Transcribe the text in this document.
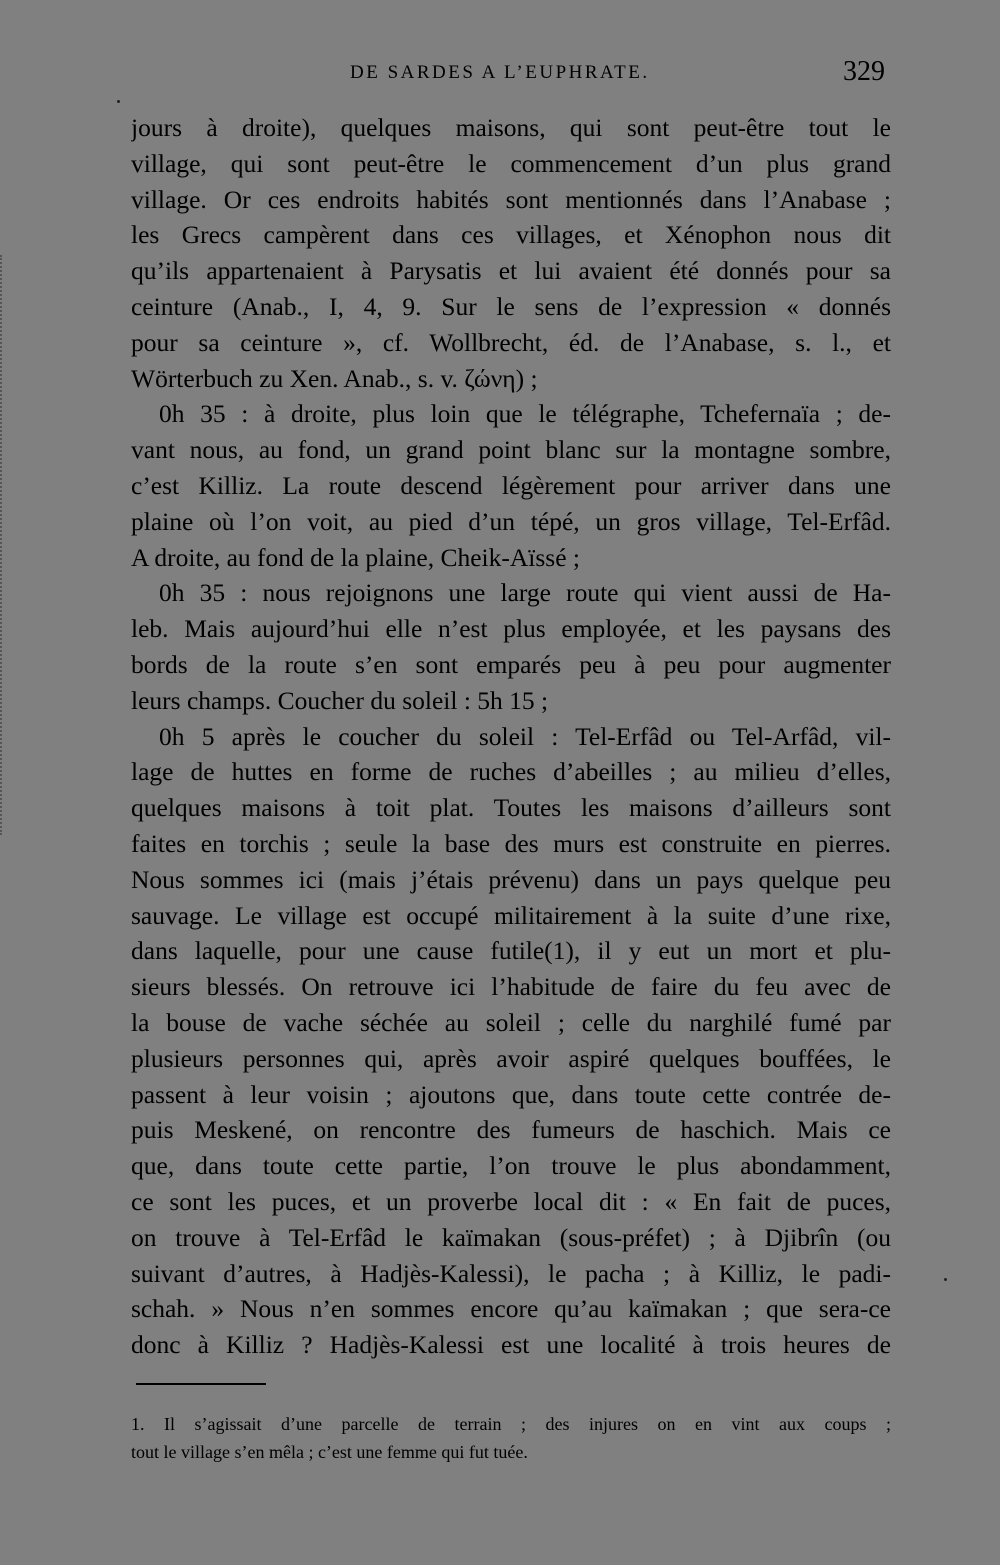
DE SARDES A L’EUPHRATE.	329
jours à droite), quelques maisons, qui sont peut-être tout le
village, qui sont peut-être le commencement d’un plus grand
village. Or ces endroits habités sont mentionnés dans l’Anabase ;
les Grecs campèrent dans ces villages, et Xénophon nous dit
qu’ils appartenaient à Parysatis et lui avaient été donnés pour sa
ceinture (Anab., I, 4, 9. Sur le sens de l’expression « donnés
pour sa ceinture », cf. Wollbrecht, éd. de l’Anabase, s. l., et
Wörterbuch zu Xen. Anab., s. v. ζώνη) ;
0h 35 : à droite, plus loin que le télégraphe, Tchefernaïa ; de-
vant nous, au fond, un grand point blanc sur la montagne sombre,
c’est Killiz. La route descend légèrement pour arriver dans une
plaine où l’on voit, au pied d’un tépé, un gros village, Tel-Erfâd.
A droite, au fond de la plaine, Cheik-Aïssé ;
0h 35 : nous rejoignons une large route qui vient aussi de Ha-
leb. Mais aujourd’hui elle n’est plus employée, et les paysans des
bords de la route s’en sont emparés peu à peu pour augmenter
leurs champs. Coucher du soleil : 5h 15 ;
0h 5 après le coucher du soleil : Tel-Erfâd ou Tel-Arfâd, vil-
lage de huttes en forme de ruches d’abeilles ; au milieu d’elles,
quelques maisons à toit plat. Toutes les maisons d’ailleurs sont
faites en torchis ; seule la base des murs est construite en pierres.
Nous sommes ici (mais j’étais prévenu) dans un pays quelque peu
sauvage. Le village est occupé militairement à la suite d’une rixe,
dans laquelle, pour une cause futile(1), il y eut un mort et plu-
sieurs blessés. On retrouve ici l’habitude de faire du feu avec de
la bouse de vache séchée au soleil ; celle du narghilé fumé par
plusieurs personnes qui, après avoir aspiré quelques bouffées, le
passent à leur voisin ; ajoutons que, dans toute cette contrée de-
puis Meskené, on rencontre des fumeurs de haschich. Mais ce
que, dans toute cette partie, l’on trouve le plus abondamment,
ce sont les puces, et un proverbe local dit : « En fait de puces,
on trouve à Tel-Erfâd le kaïmakan (sous-préfet) ; à Djibrîn (ou
suivant d’autres, à Hadjès-Kalessi), le pacha ; à Killiz, le padi-
schah. » Nous n’en sommes encore qu’au kaïmakan ; que sera-ce
donc à Killiz ? Hadjès-Kalessi est une localité à trois heures de
1. Il s’agissait d’une parcelle de terrain ; des injures on en vint aux coups ;
tout le village s’en mêla ; c’est une femme qui fut tuée.
